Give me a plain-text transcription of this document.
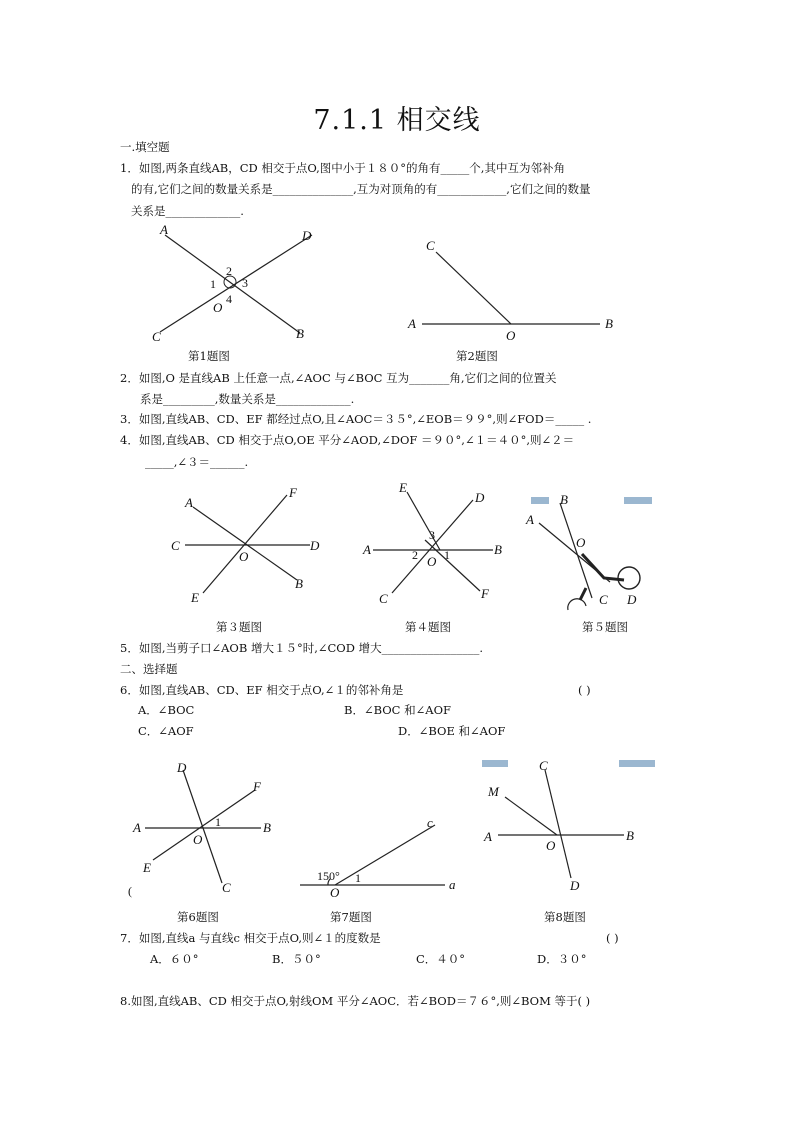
7.1.1 相交线
一.填空题
1．如图,两条直线AB，CD 相交于点O,图中小于１８０°的角有_____个,其中互为邻补角
的有,它们之间的数量关系是______________,互为对顶角的有____________,它们之间的数量
关系是_____________.
A	D
C	B
O
1
2
3
4
C
A	B
O
第1题图	第2题图
2．如图,O 是直线AB 上任意一点,∠AOC 与∠BOC 互为_______角,它们之间的位置关
系是_________,数量关系是_____________.
3．如图,直线AB、CD、EF 都经过点O,且∠AOC＝３５°,∠EOB＝９９°,则∠FOD＝_____ .
4．如图,直线AB、CD 相交于点O,OE 平分∠AOD,∠DOF ＝９０°,∠１＝４０°,则∠２＝
_____,∠３＝______.
A
F
C	D
O
B
E
E
D
A	B
O
C	F
3
2 1
B
A
O
C D
第３题图	第４题图	第５题图
5．如图,当剪子口∠AOB 增大１５°时,∠COD 增大_________________.
二、选择题
6．如图,直线AB、CD、EF 相交于点O,∠１的邻补角是	( )
A．∠BOC	B．∠BOC 和∠AOF
C．∠AOF	D．∠BOE 和∠AOF
D
F
A	B
1
O
E
C
(
c
150° 1
O
a
C
M
A	B
O
D
第6题图	第7题图	第8题图
7．如图,直线a 与直线c 相交于点O,则∠１的度数是	( )
A．６０°	B．５０°	C．４０°	D．３０°
8.如图,直线AB、CD 相交于点O,射线OM 平分∠AOC．若∠BOD＝７６°,则∠BOM 等于( )
